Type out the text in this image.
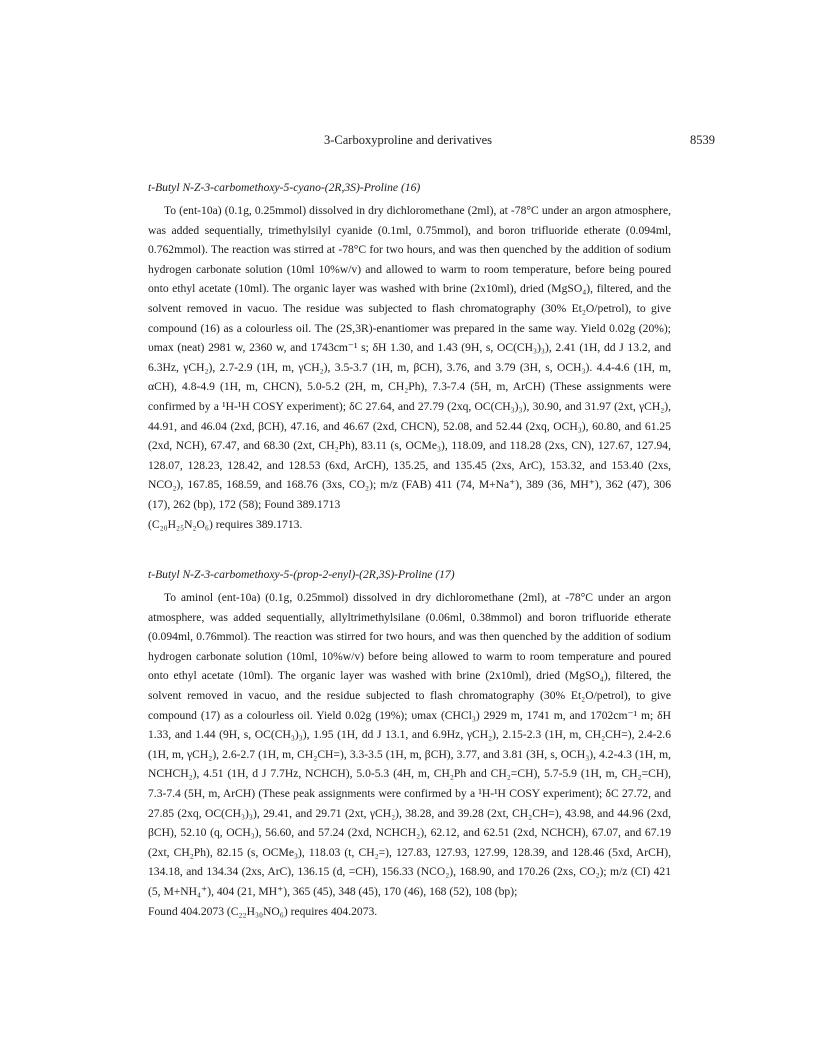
3-Carboxyproline and derivatives	8539

t-Butyl N-Z-3-carbomethoxy-5-cyano-(2R,3S)-Proline (16)

To (ent-10a) (0.1g, 0.25mmol) dissolved in dry dichloromethane (2ml), at -78°C under an argon atmosphere, was added sequentially, trimethylsilyl cyanide (0.1ml, 0.75mmol), and boron trifluoride etherate (0.094ml, 0.762mmol). The reaction was stirred at -78°C for two hours, and was then quenched by the addition of sodium hydrogen carbonate solution (10ml 10%w/v) and allowed to warm to room temperature, before being poured onto ethyl acetate (10ml). The organic layer was washed with brine (2x10ml), dried (MgSO₄), filtered, and the solvent removed in vacuo. The residue was subjected to flash chromatography (30% Et₂O/petrol), to give compound (16) as a colourless oil. The (2S,3R)-enantiomer was prepared in the same way. Yield 0.02g (20%); υmax (neat) 2981 w, 2360 w, and 1743cm⁻¹ s; δH 1.30, and 1.43 (9H, s, OC(CH₃)₃), 2.41 (1H, dd J 13.2, and 6.3Hz, γCH₂), 2.7-2.9 (1H, m, γCH₂), 3.5-3.7 (1H, m, βCH), 3.76, and 3.79 (3H, s, OCH₃). 4.4-4.6 (1H, m, αCH), 4.8-4.9 (1H, m, CHCN), 5.0-5.2 (2H, m, CH₂Ph), 7.3-7.4 (5H, m, ArCH) (These assignments were confirmed by a ¹H-¹H COSY experiment); δC 27.64, and 27.79 (2xq, OC(CH₃)₃), 30.90, and 31.97 (2xt, γCH₂), 44.91, and 46.04 (2xd, βCH), 47.16, and 46.67 (2xd, CHCN), 52.08, and 52.44 (2xq, OCH₃), 60.80, and 61.25 (2xd, NCH), 67.47, and 68.30 (2xt, CH₂Ph), 83.11 (s, OCMe₃), 118.09, and 118.28 (2xs, CN), 127.67, 127.94, 128.07, 128.23, 128.42, and 128.53 (6xd, ArCH), 135.25, and 135.45 (2xs, ArC), 153.32, and 153.40 (2xs, NCO₂), 167.85, 168.59, and 168.76 (3xs, CO₂); m/z (FAB) 411 (74, M+Na⁺), 389 (36, MH⁺), 362 (47), 306 (17), 262 (bp), 172 (58); Found 389.1713

(C₂₀H₂₅N₂O₆) requires 389.1713.

t-Butyl N-Z-3-carbomethoxy-5-(prop-2-enyl)-(2R,3S)-Proline (17)

To aminol (ent-10a) (0.1g, 0.25mmol) dissolved in dry dichloromethane (2ml), at -78°C under an argon atmosphere, was added sequentially, allyltrimethylsilane (0.06ml, 0.38mmol) and boron trifluoride etherate (0.094ml, 0.76mmol). The reaction was stirred for two hours, and was then quenched by the addition of sodium hydrogen carbonate solution (10ml, 10%w/v) before being allowed to warm to room temperature and poured onto ethyl acetate (10ml). The organic layer was washed with brine (2x10ml), dried (MgSO₄), filtered, the solvent removed in vacuo, and the residue subjected to flash chromatography (30% Et₂O/petrol), to give compound (17) as a colourless oil. Yield 0.02g (19%); υmax (CHCl₃) 2929 m, 1741 m, and 1702cm⁻¹ m; δH 1.33, and 1.44 (9H, s, OC(CH₃)₃), 1.95 (1H, dd J 13.1, and 6.9Hz, γCH₂), 2.15-2.3 (1H, m, CH₂CH=), 2.4-2.6 (1H, m, γCH₂), 2.6-2.7 (1H, m, CH₂CH=), 3.3-3.5 (1H, m, βCH), 3.77, and 3.81 (3H, s, OCH₃), 4.2-4.3 (1H, m, NCHCH₂), 4.51 (1H, d J 7.7Hz, NCHCH), 5.0-5.3 (4H, m, CH₂Ph and CH₂=CH), 5.7-5.9 (1H, m, CH₂=CH), 7.3-7.4 (5H, m, ArCH) (These peak assignments were confirmed by a ¹H-¹H COSY experiment); δC 27.72, and 27.85 (2xq, OC(CH₃)₃), 29.41, and 29.71 (2xt, γCH₂), 38.28, and 39.28 (2xt, CH₂CH=), 43.98, and 44.96 (2xd, βCH), 52.10 (q, OCH₃), 56.60, and 57.24 (2xd, NCHCH₂), 62.12, and 62.51 (2xd, NCHCH), 67.07, and 67.19 (2xt, CH₂Ph), 82.15 (s, OCMe₃), 118.03 (t, CH₂=), 127.83, 127.93, 127.99, 128.39, and 128.46 (5xd, ArCH), 134.18, and 134.34 (2xs, ArC), 136.15 (d, =CH), 156.33 (NCO₂), 168.90, and 170.26 (2xs, CO₂); m/z (CI) 421 (5, M+NH₄⁺), 404 (21, MH⁺), 365 (45), 348 (45), 170 (46), 168 (52), 108 (bp);

Found 404.2073 (C₂₂H₃₀NO₆) requires 404.2073.
